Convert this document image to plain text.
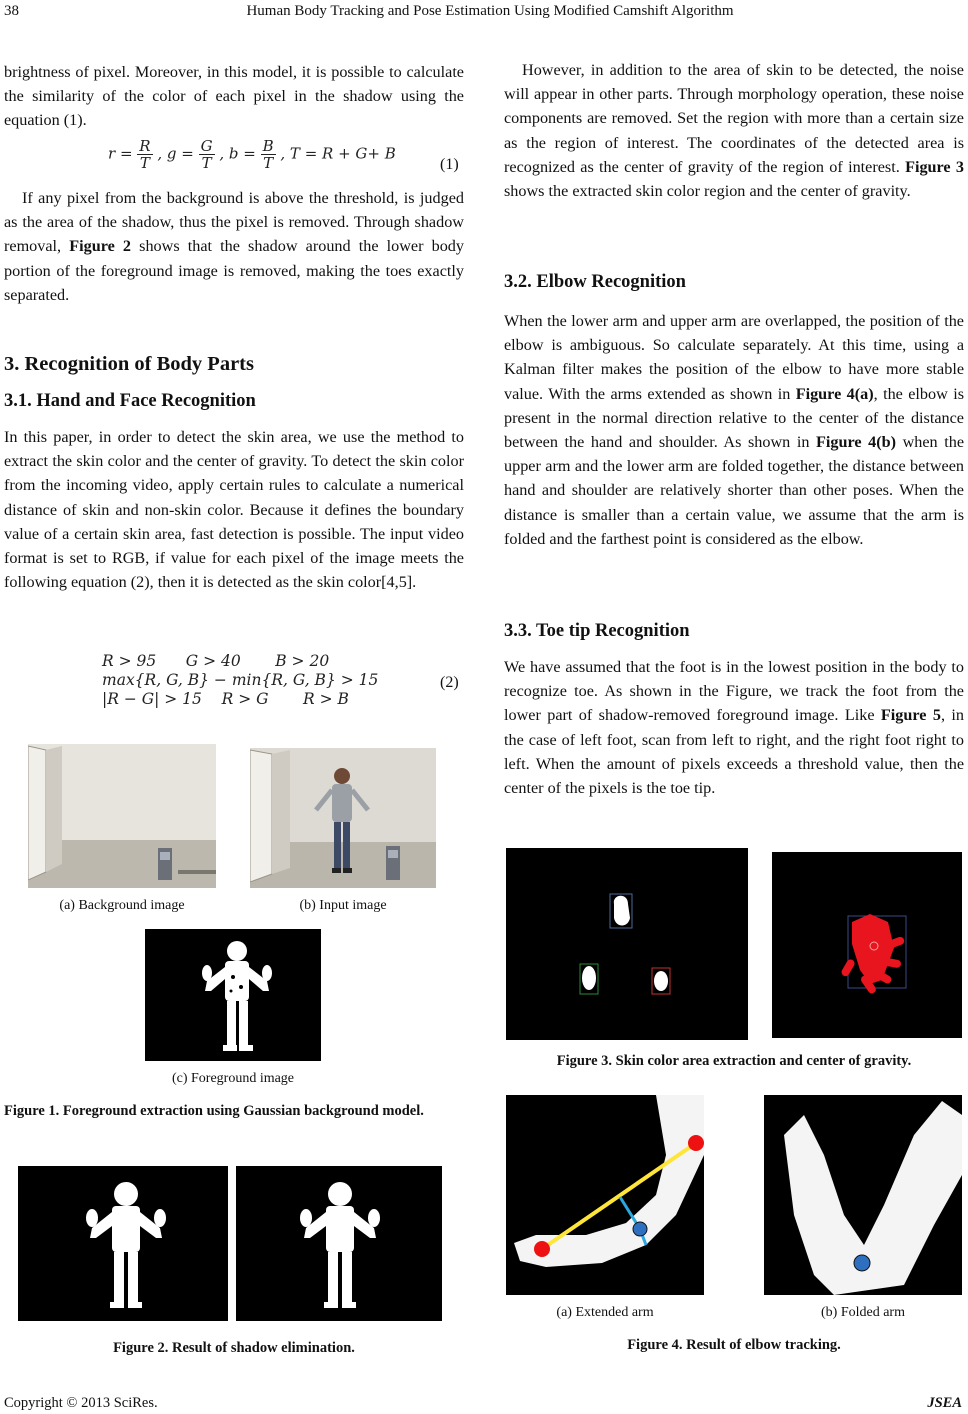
38	Human Body Tracking and Pose Estimation Using Modified Camshift Algorithm

brightness of pixel. Moreover, in this model, it is possible to calculate the similarity of the color of each pixel in the shadow using the equation (1).

$r = \frac{R}{T}$ , $g = \frac{G}{T}$ , $b = \frac{B}{T}$ , T = R + G+ B
(1)

If any pixel from the background is above the threshold, is judged as the area of the shadow, thus the pixel is removed. Through shadow removal, Figure 2 shows that the shadow around the lower body portion of the foreground image is removed, making the toes exactly separated.

3. Recognition of Body Parts
3.1. Hand and Face Recognition

In this paper, in order to detect the skin area, we use the method to extract the skin color and the center of gravity. To detect the skin color from the incoming video, apply certain rules to calculate a numerical distance of skin and non-skin color. Because it defines the boundary value of a certain skin area, fast detection is possible. The input video format is set to RGB, if value for each pixel of the image meets the following equation (2), then it is detected as the skin color[4,5].

R > 95      G > 40       B > 20
max{R, G, B} − min{R, G, B} > 15
|R − G| > 15    R > G       R > B
(2)
(a) Background image	(b) Input image
(c) Foreground image
Figure 1. Foreground extraction using Gaussian background model.
Figure 2. Result of shadow elimination.

However, in addition to the area of skin to be detected, the noise will appear in other parts. Through morphology operation, these noise components are removed. Set the region with more than a certain size as the region of interest. The coordinates of the detected area is recognized as the center of gravity of the region of interest. Figure 3 shows the extracted skin color region and the center of gravity.

3.2. Elbow Recognition

When the lower arm and upper arm are overlapped, the position of the elbow is ambiguous. So calculate separately. At this time, using a Kalman filter makes the position of the elbow to have more stable value. With the arms extended as shown in Figure 4(a), the elbow is present in the normal direction relative to the center of the distance between the hand and shoulder. As shown in Figure 4(b) when the upper arm and the lower arm are folded together, the distance between hand and shoulder are relatively shorter than other poses. When the distance is smaller than a certain value, we assume that the arm is folded and the farthest point is considered as the elbow.

3.3. Toe tip Recognition

We have assumed that the foot is in the lowest position in the body to recognize toe. As shown in the Figure, we track the foot from the lower part of shadow-removed foreground image. Like Figure 5, in the case of left foot, scan from left to right, and the right foot right to left. When the amount of pixels exceeds a threshold value, then the center of the pixels is the toe tip.

Figure 3. Skin color area extraction and center of gravity.
(a) Extended arm	(b) Folded arm
Figure 4. Result of elbow tracking.
Copyright © 2013 SciRes.	JSEA
